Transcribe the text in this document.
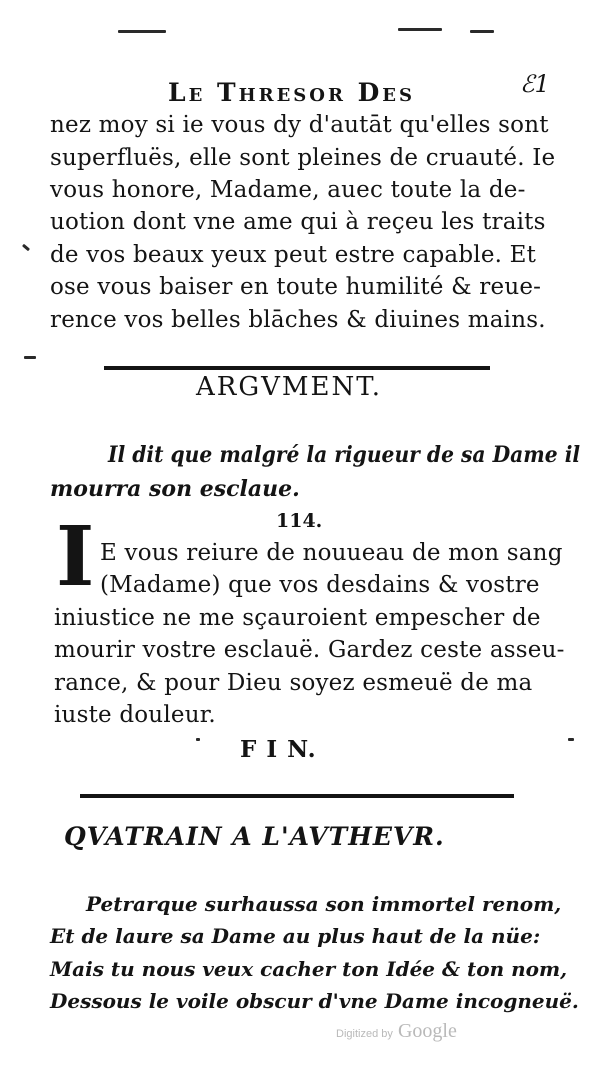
Le Thresor Des	ℰ1
nez moy si ie vous dy d'autāt qu'elles sont
superfluës, elle sont pleines de cruauté. Ie
vous honore, Madame, auec toute la de-
uotion dont vne ame qui à reçeu les traits
de vos beaux yeux peut estre capable. Et
ose vous baiser en toute humilité & reue-
rence vos belles blāches & diuines mains.
ARGVMENT.
Il dit que malgré la rigueur de sa Dame il
mourra son esclaue.
114.
I E vous reiure de nouueau de mon sang
(Madame) que vos desdains & vostre
iniustice ne me sçauroient empescher de
mourir vostre esclauë. Gardez ceste asseu-
rance, & pour Dieu soyez esmeuë de ma
iuste douleur.
F I N.
QVATRAIN A L'AVTHEVR.
Petrarque surhaussa son immortel renom,
Et de laure sa Dame au plus haut de la nüe:
Mais tu nous veux cacher ton Idée & ton nom,
Dessous le voile obscur d'vne Dame incogneuë.
Digitized by Google
